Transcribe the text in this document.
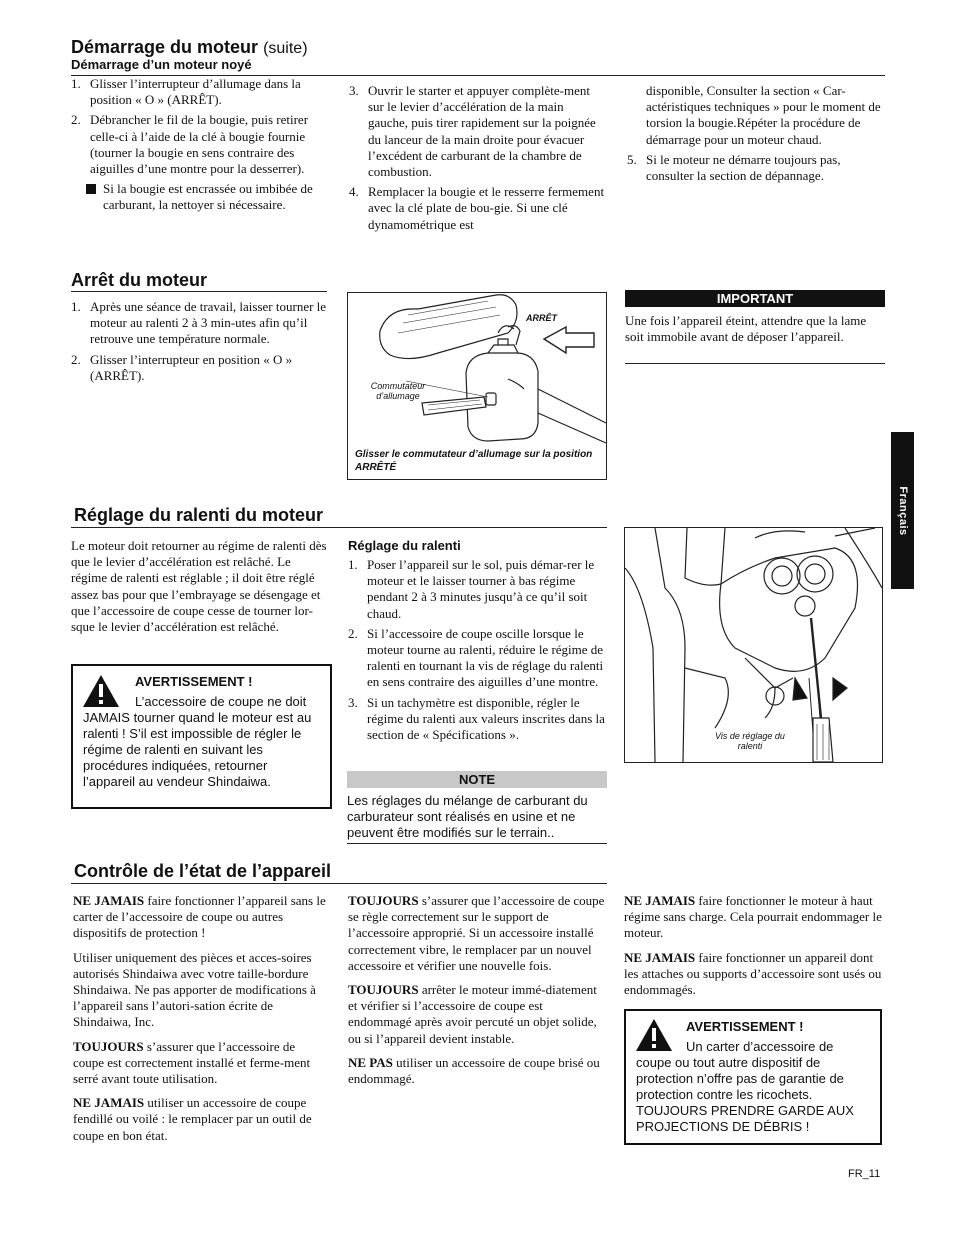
Démarrage du moteur (suite)
Démarrage d’un moteur noyé
1. Glisser l’interrupteur d’allumage dans la position « O » (ARRÊT).
2. Débrancher le fil de la bougie, puis retirer celle-ci à l’aide de la clé à bougie fournie (tourner la bougie en sens contraire des aiguilles d’une montre pour la desserrer).
Si la bougie est encrassée ou imbibée de carburant, la nettoyer si nécessaire.
3. Ouvrir le starter et appuyer complète-ment sur le levier d’accélération de la main gauche, puis tirer rapidement sur la poignée du lanceur de la main droite pour évacuer l’excédent de carburant de la chambre de combustion.
4. Remplacer la bougie et le resserre fermement avec la clé plate de bou-gie. Si une clé dynamométrique est

disponible, Consulter la section « Car-actéristiques techniques » pour le moment de torsion la bougie.Répéter la procédure de démarrage pour un moteur chaud.

5. Si le moteur ne démarre toujours pas, consulter la section de dépannage.
Arrêt du moteur
1. Après une séance de travail, laisser tourner le moteur au ralenti 2 à 3 min-utes afin qu’il retrouve une température normale.
2. Glisser l’interrupteur en position « O » (ARRÊT).
ARRÊT
Commutateur d’allumage
Glisser le commutateur d’allumage sur la position ARRÊTÉ
IMPORTANT

Une fois l’appareil éteint, attendre que la lame soit immobile avant de déposer l’appareil.

Réglage du ralenti du moteur

Le moteur doit retourner au régime de ralenti dès que le levier d’accélération est relâché. Le régime de ralenti est réglable ; il doit être réglé assez bas pour que l’embrayage se désengage et que l’accessoire de coupe cesse de tourner lor-sque le levier d’accélération est relâché.

AVERTISSEMENT !
L’accessoire de coupe ne doit JAMAIS tourner quand le moteur est au ralenti ! S’il est impossible de régler le régime de ralenti en suivant les procédures indiquées, retourner l’appareil au vendeur Shindaiwa.
Réglage du ralenti
1. Poser l’appareil sur le sol, puis démar-rer le moteur et le laisser tourner à bas régime pendant 2 à 3 minutes jusqu’à ce qu’il soit chaud.
2. Si l’accessoire de coupe oscille lorsque le moteur tourne au ralenti, réduire le régime de ralenti en tournant la vis de réglage du ralenti en sens contraire des aiguilles d’une montre.
3. Si un tachymètre est disponible, régler le régime du ralenti aux valeurs inscrites dans la section de « Spécifications ».
NOTE
Les réglages du mélange de carburant du carburateur sont réalisés en usine et ne peuvent être modifiés sur le terrain..
Vis de réglage du ralenti
Contrôle de l’état de l’appareil

NE JAMAIS faire fonctionner l’appareil sans le carter de l’accessoire de coupe ou autres dispositifs de protection !

Utiliser uniquement des pièces et acces-soires autorisés Shindaiwa avec votre taille-bordure Shindaiwa. Ne pas apporter de modifications à l’appareil sans l’autori-sation écrite de Shindaiwa, Inc.

TOUJOURS s’assurer que l’accessoire de coupe est correctement installé et ferme-ment serré avant toute utilisation.

NE JAMAIS utiliser un accessoire de coupe fendillé ou voilé : le remplacer par un outil de coupe en bon état.

TOUJOURS s’assurer que l’accessoire de coupe se règle correctement sur le support de l’accessoire approprié. Si un accessoire installé correctement vibre, le remplacer par un nouvel accessoire et vérifier une nouvelle fois.

TOUJOURS arrêter le moteur immé-diatement et vérifier si l’accessoire de coupe est endommagé après avoir percuté un objet solide, ou si l’appareil devient instable.

NE PAS utiliser un accessoire de coupe brisé ou endommagé.

NE JAMAIS faire fonctionner le moteur à haut régime sans charge. Cela pourrait endommager le moteur.

NE JAMAIS faire fonctionner un appareil dont les attaches ou supports d’accessoire sont usés ou endommagés.

AVERTISSEMENT !
Un carter d’accessoire de coupe ou tout autre dispositif de protection n’offre pas de garantie de protection contre les ricochets. TOUJOURS PRENDRE GARDE AUX PROJECTIONS DE DÉBRIS !
Français
FR_11
